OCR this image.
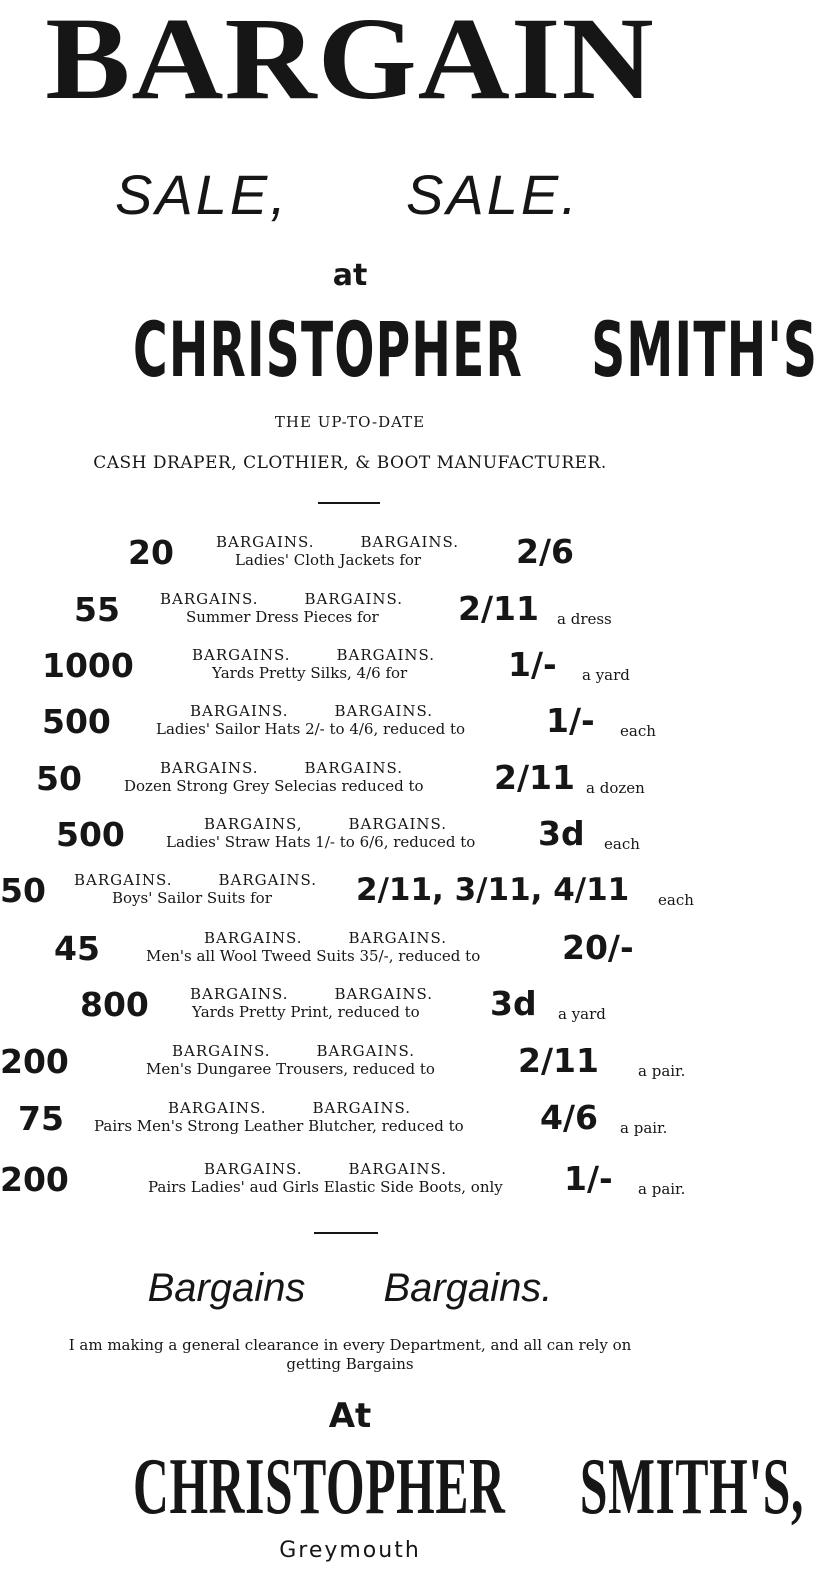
BARGAIN
SALE, SALE.
at
CHRISTOPHER SMITH'S
THE UP-TO-DATE
CASH DRAPER, CLOTHIER, & BOOT MANUFACTURER.
20	BARGAINS.	BARGAINS.
Ladies' Cloth Jackets for	2/6
55	BARGAINS.	BARGAINS.
Summer Dress Pieces for 2/11 a dress
1000	BARGAINS.	BARGAINS.
Yards Pretty Silks, 4/6 for	1/- a yard
500	BARGAINS.	BARGAINS.
Ladies' Sailor Hats 2/- to 4/6, reduced to 1/- each
50	BARGAINS.	BARGAINS.
Dozen Strong Grey Selecias reduced to 2/11 a dozen
500	BARGAINS,	BARGAINS.
Ladies' Straw Hats 1/- to 6/6, reduced to 3d each
50 BARGAINS.	BARGAINS.
Boys' Sailor Suits for	2/11, 3/11, 4/11 each
45	BARGAINS.	BARGAINS.
Men's all Wool Tweed Suits 35/-, reduced to 20/-
800	BARGAINS.	BARGAINS.
Yards Pretty Print, reduced to 3d a yard
200	BARGAINS.	BARGAINS.
Men's Dungaree Trousers, reduced to	2/11	a pair.
75	BARGAINS.	BARGAINS.
Pairs Men's Strong Leather Blutcher, reduced to 4/6 a pair.
200	BARGAINS.	BARGAINS.
Pairs Ladies' aud Girls Elastic Side Boots, only 1/- a pair.
Bargains Bargains.
I am making a general clearance in every Department, and all can rely on
getting Bargains
At
CHRISTOPHER SMITH'S,
Greymouth
